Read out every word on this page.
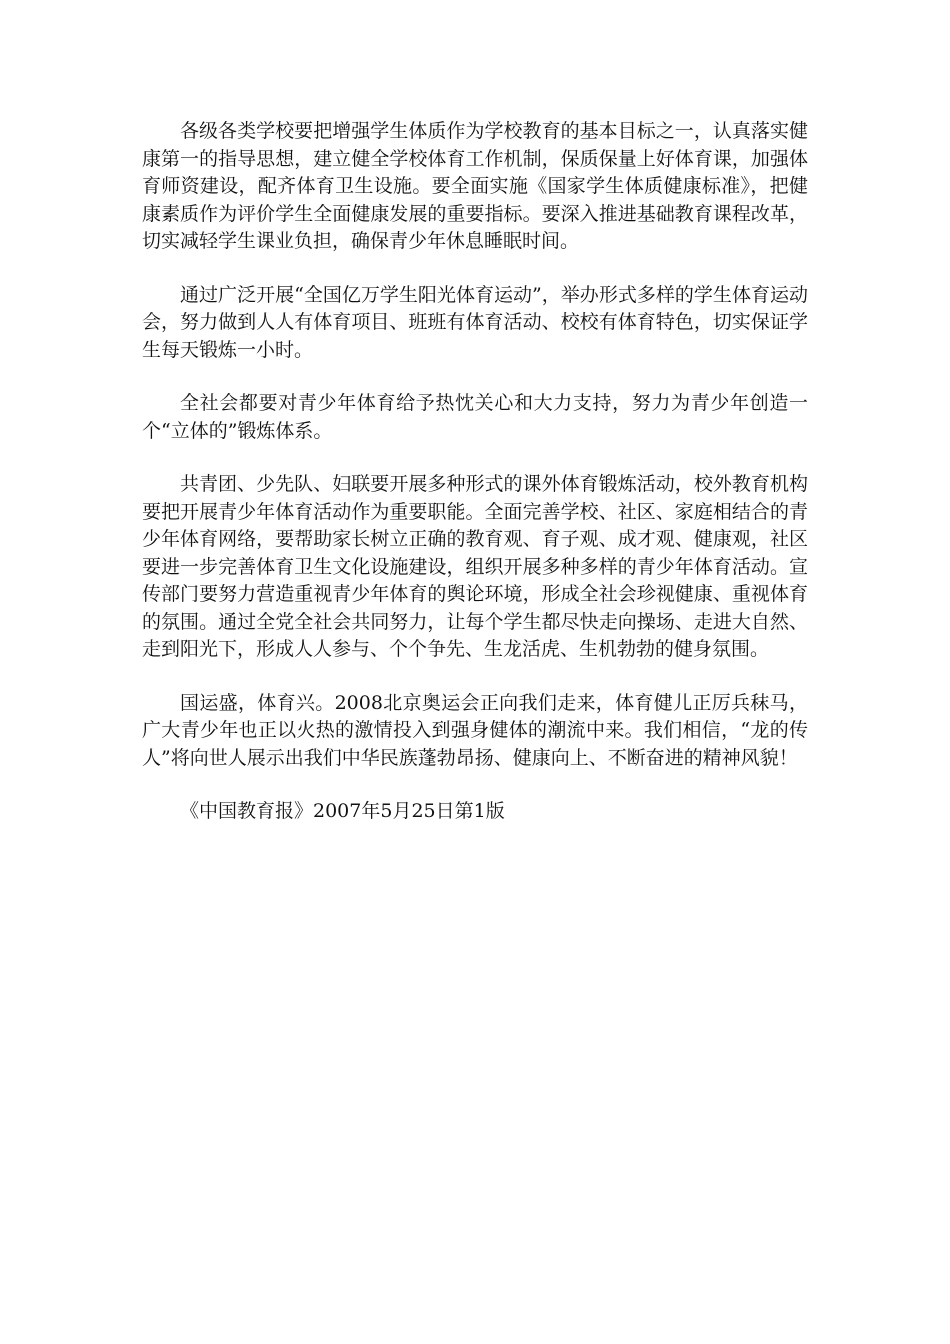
各级各类学校要把增强学生体质作为学校教育的基本目标之一，认真落实健康第一的指导思想，建立健全学校体育工作机制，保质保量上好体育课，加强体育师资建设，配齐体育卫生设施。要全面实施《国家学生体质健康标准》，把健康素质作为评价学生全面健康发展的重要指标。要深入推进基础教育课程改革，切实减轻学生课业负担，确保青少年休息睡眠时间。

通过广泛开展“全国亿万学生阳光体育运动”，举办形式多样的学生体育运动会，努力做到人人有体育项目、班班有体育活动、校校有体育特色，切实保证学生每天锻炼一小时。

全社会都要对青少年体育给予热忱关心和大力支持，努力为青少年创造一个“立体的”锻炼体系。

共青团、少先队、妇联要开展多种形式的课外体育锻炼活动，校外教育机构要把开展青少年体育活动作为重要职能。全面完善学校、社区、家庭相结合的青少年体育网络，要帮助家长树立正确的教育观、育子观、成才观、健康观，社区要进一步完善体育卫生文化设施建设，组织开展多种多样的青少年体育活动。宣传部门要努力营造重视青少年体育的舆论环境，形成全社会珍视健康、重视体育的氛围。通过全党全社会共同努力，让每个学生都尽快走向操场、走进大自然、走到阳光下，形成人人参与、个个争先、生龙活虎、生机勃勃的健身氛围。

国运盛，体育兴。2008北京奥运会正向我们走来，体育健儿正厉兵秣马，广大青少年也正以火热的激情投入到强身健体的潮流中来。我们相信，“龙的传人”将向世人展示出我们中华民族蓬勃昂扬、健康向上、不断奋进的精神风貌！

《中国教育报》2007年5月25日第1版
